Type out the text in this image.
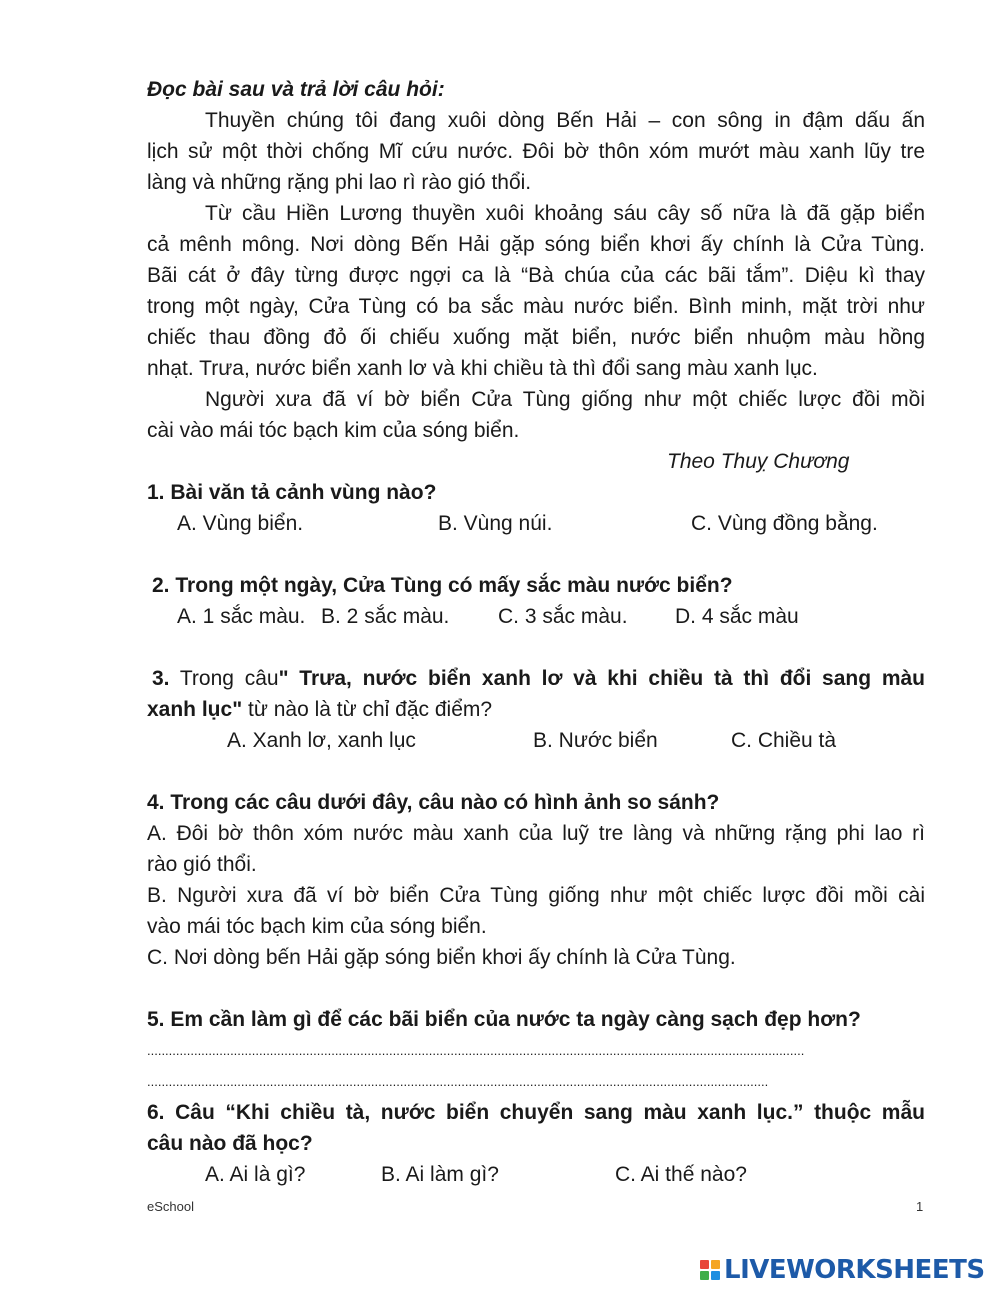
Đọc bài sau và trả lời câu hỏi:
Thuyền chúng tôi đang xuôi dòng Bến Hải – con sông in đậm dấu ấn
lịch sử một thời chống Mĩ cứu nước. Đôi bờ thôn xóm mướt màu xanh lũy tre
làng và những rặng phi lao rì rào gió thổi.
Từ cầu Hiền Lương thuyền xuôi khoảng sáu cây số nữa là đã gặp biển
cả mênh mông. Nơi dòng Bến Hải gặp sóng biển khơi ấy chính là Cửa Tùng.
Bãi cát ở đây từng được ngợi ca là “Bà chúa của các bãi tắm”. Diệu kì thay
trong một ngày, Cửa Tùng có ba sắc màu nước biển. Bình minh, mặt trời như
chiếc thau đồng đỏ ối chiếu xuống mặt biển, nước biển nhuộm màu hồng
nhạt. Trưa, nước biển xanh lơ và khi chiều tà thì đổi sang màu xanh lục.
Người xưa đã ví bờ biển Cửa Tùng giống như một chiếc lược đồi mồi
cài vào mái tóc bạch kim của sóng biển.
Theo Thuỵ Chương
1. Bài văn tả cảnh vùng nào?
A. Vùng biển.	B. Vùng núi.	C. Vùng đồng bằng.
2. Trong một ngày, Cửa Tùng có mấy sắc màu nước biển?
A. 1 sắc màu. B. 2 sắc màu. C. 3 sắc màu. D. 4 sắc màu
3. Trong câu" Trưa, nước biển xanh lơ và khi chiều tà thì đổi sang màu
xanh lục" từ nào là từ chỉ đặc điểm?
A. Xanh lơ, xanh lục	B. Nước biển	C. Chiều tà
4. Trong các câu dưới đây, câu nào có hình ảnh so sánh?
A. Đôi bờ thôn xóm nước màu xanh của luỹ tre làng và những rặng phi lao rì
rào gió thổi.
B. Người xưa đã ví bờ biển Cửa Tùng giống như một chiếc lược đồi mồi cài
vào mái tóc bạch kim của sóng biển.
C. Nơi dòng bến Hải gặp sóng biển khơi ấy chính là Cửa Tùng.
5. Em cần làm gì để các bãi biển của nước ta ngày càng sạch đẹp hơn?
......................................................................................................................................................................................
............................................................................................................................................................................
6. Câu “Khi chiều tà, nước biển chuyển sang màu xanh lục.” thuộc mẫu
câu nào đã học?
A. Ai là gì?	B. Ai làm gì?	C. Ai thế nào?
eSchool	1
LIVEWORKSHEETS
